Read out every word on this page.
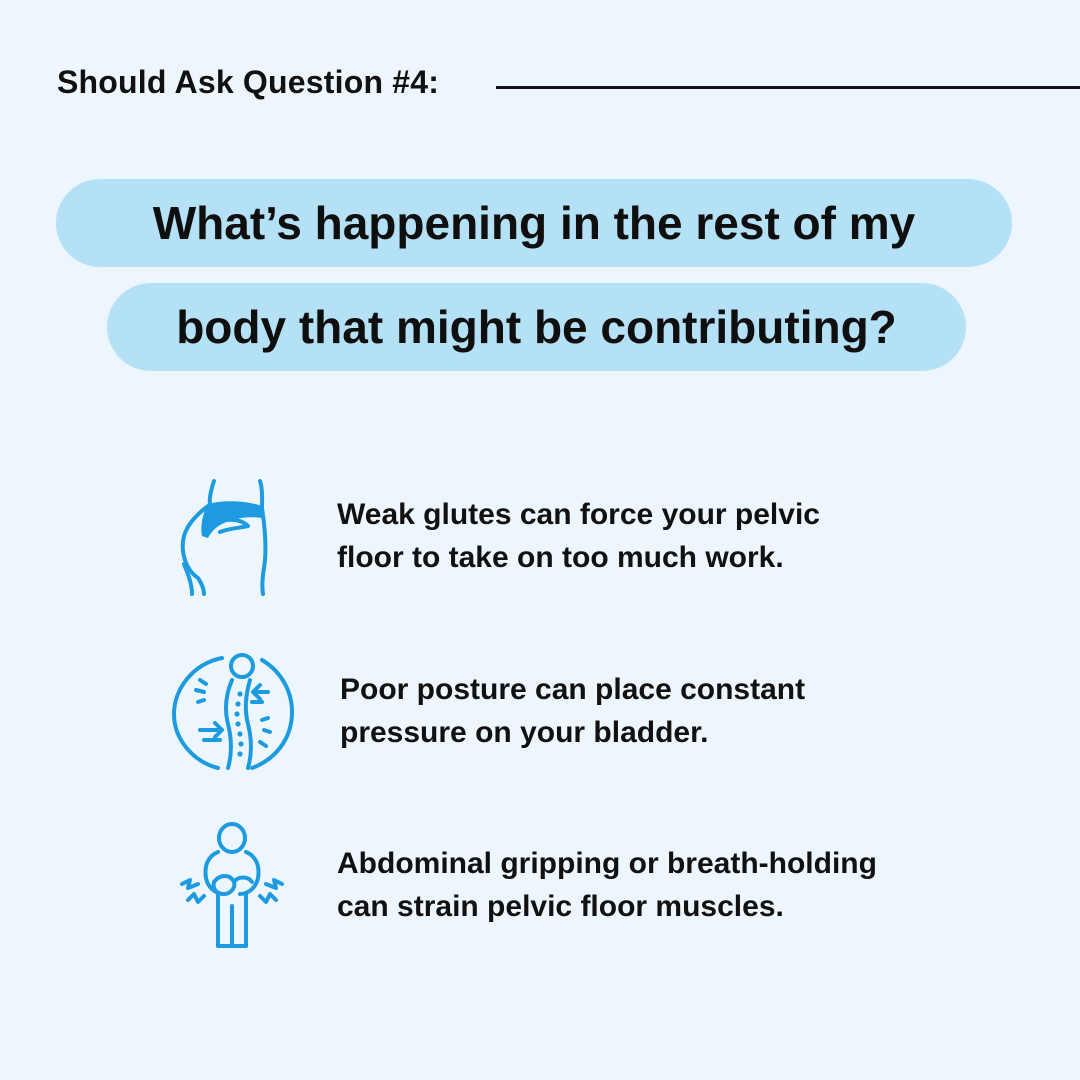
Should Ask Question #4:
What’s happening in the rest of my
body that might be contributing?
Weak glutes can force your pelvic
floor to take on too much work.
Poor posture can place constant
pressure on your bladder.
Abdominal gripping or breath-holding
can strain pelvic floor muscles.
